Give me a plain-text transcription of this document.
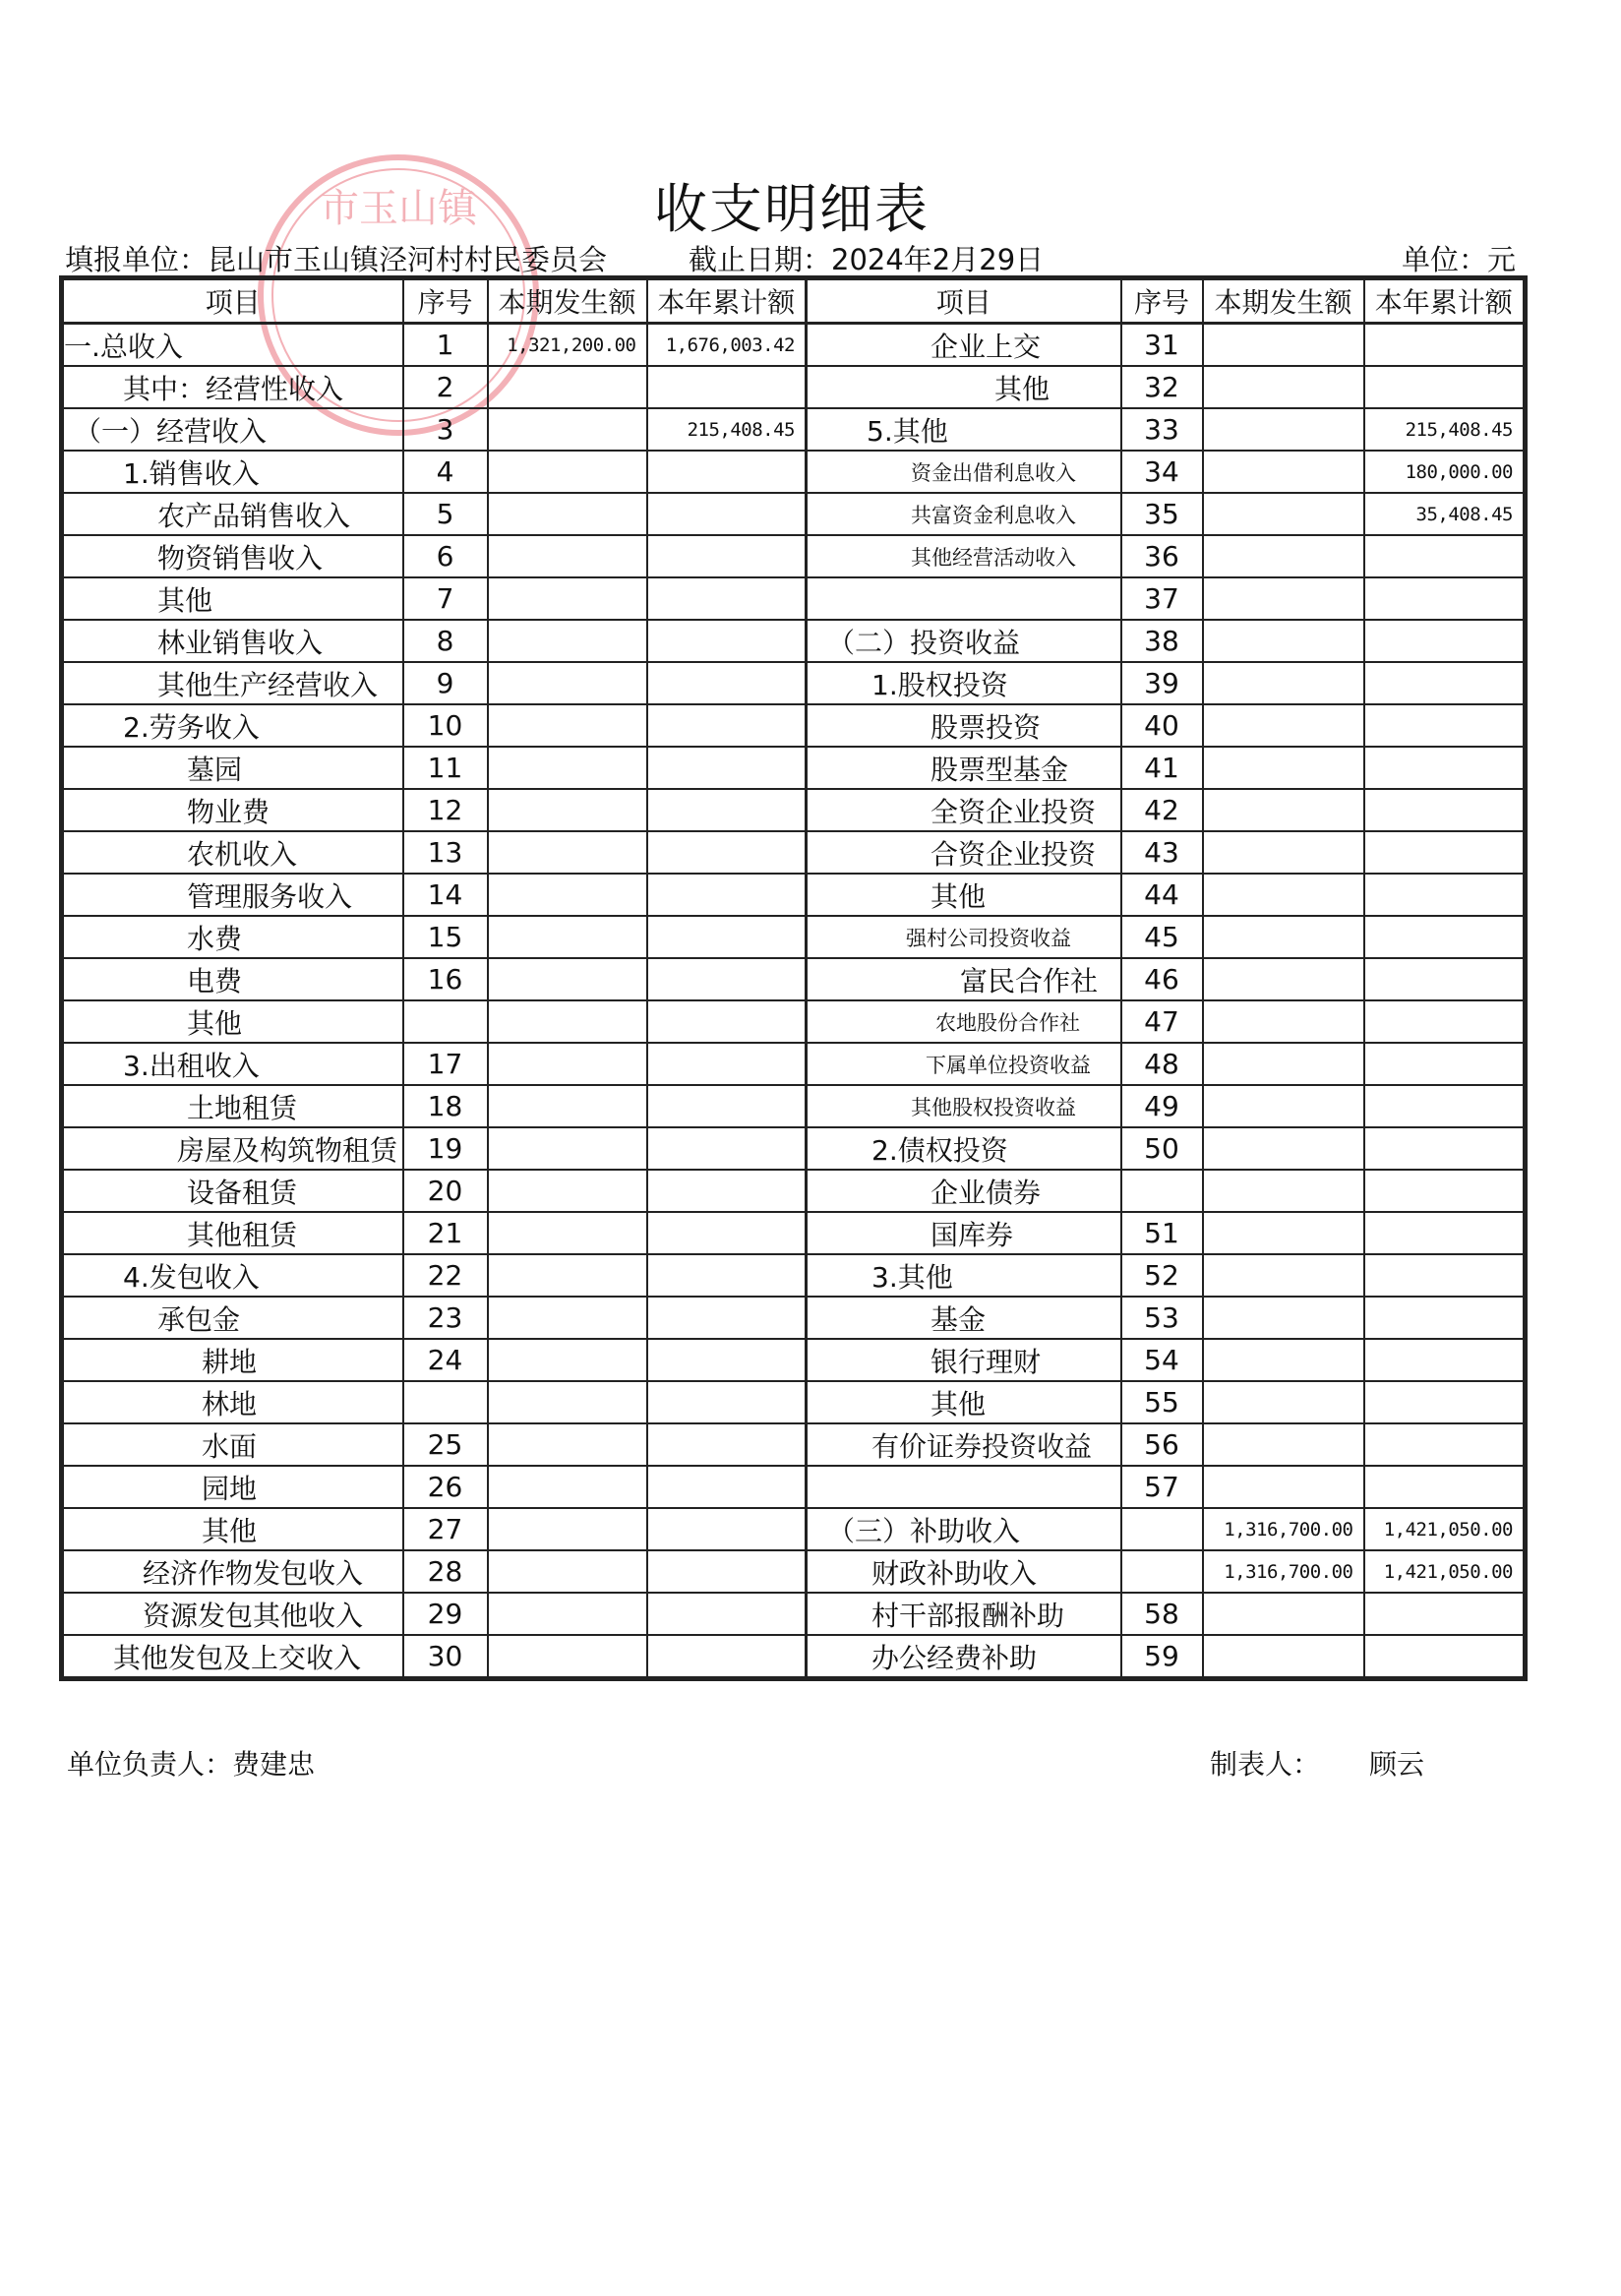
市玉山镇	收支明细表
填报单位：昆山市玉山镇泾河村村民委员会	截止日期：2024年2月29日	单位：元
项目	序号	本期发生额	本年累计额	项目	序号	本期发生额	本年累计额
一.总收入	1	1,321,200.00	1,676,003.42	企业上交	31		
其中：经营性收入	2			其他	32		
（一）经营收入	3		215,408.45	5.其他	33		215,408.45
1.销售收入	4			资金出借利息收入	34		180,000.00
农产品销售收入	5			共富资金利息收入	35		35,408.45
物资销售收入	6			其他经营活动收入	36		
其他	7				37		
林业销售收入	8			（二）投资收益	38		
其他生产经营收入	9			1.股权投资	39		
2.劳务收入	10			股票投资	40		
墓园	11			股票型基金	41		
物业费	12			全资企业投资	42		
农机收入	13			合资企业投资	43		
管理服务收入	14			其他	44		
水费	15			强村公司投资收益	45		
电费	16			富民合作社	46		
其他				农地股份合作社	47		
3.出租收入	17			下属单位投资收益	48		
土地租赁	18			其他股权投资收益	49		
房屋及构筑物租赁	19			2.债权投资	50		
设备租赁	20			企业债券			
其他租赁	21			国库券	51		
4.发包收入	22			3.其他	52		
承包金	23			基金	53		
耕地	24			银行理财	54		
林地				其他	55		
水面	25			有价证券投资收益	56		
园地	26				57		
其他	27			（三）补助收入		1,316,700.00	1,421,050.00
经济作物发包收入	28			财政补助收入		1,316,700.00	1,421,050.00
资源发包其他收入	29			村干部报酬补助	58		
其他发包及上交收入	30			办公经费补助	59		
单位负责人：费建忠	制表人： 顾云
